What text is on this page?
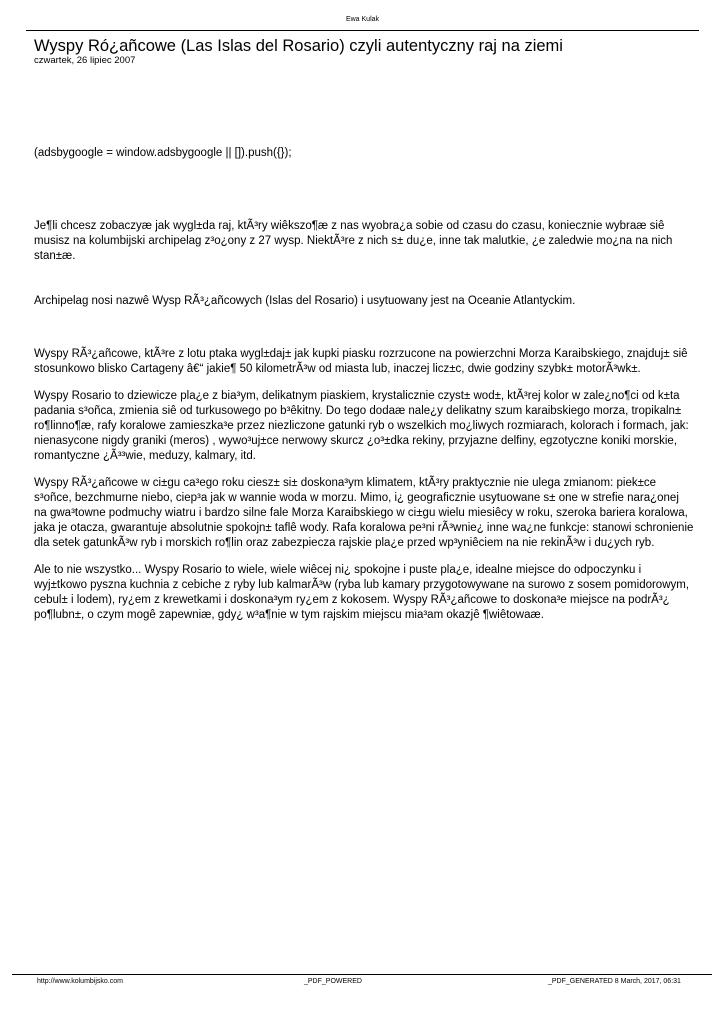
Ewa Kulak
Wyspy Ró¿añcowe (Las Islas del Rosario) czyli autentyczny raj na ziemi
czwartek, 26 lipiec 2007

(adsbygoogle = window.adsbygoogle || []).push({});

Je¶li chcesz zobaczyæ jak wygl±da raj, ktÃ³ry wiêkszo¶æ z nas wyobra¿a sobie od czasu do czasu, koniecznie wybraæ siê musisz na kolumbijski archipelag z³o¿ony z 27 wysp. NiektÃ³re z nich s± du¿e, inne tak malutkie, ¿e zaledwie mo¿na na nich stan±æ.

Archipelag nosi nazwê Wysp RÃ³¿añcowych (Islas del Rosario) i usytuowany jest na Oceanie Atlantyckim.

Wyspy RÃ³¿añcowe, ktÃ³re z lotu ptaka wygl±daj± jak kupki piasku rozrzucone na powierzchni Morza Karaibskiego, znajduj± siê stosunkowo blisko Cartageny â€“ jakie¶ 50 kilometrÃ³w od miasta lub, inaczej licz±c, dwie godziny szybk± motorÃ³wk±.

Wyspy Rosario to dziewicze pla¿e z bia³ym, delikatnym piaskiem, krystalicznie czyst± wod±, ktÃ³rej kolor w zale¿no¶ci od k±ta padania s³oñca, zmienia siê od turkusowego po b³êkitny. Do tego dodaæ nale¿y delikatny szum karaibskiego morza, tropikaln± ro¶linno¶æ, rafy koralowe zamieszka³e przez niezliczone gatunki ryb o wszelkich mo¿liwych rozmiarach, kolorach i formach, jak: nienasycone nigdy graniki (meros) , wywo³uj±ce nerwowy skurcz ¿o³±dka rekiny, przyjazne delfiny, egzotyczne koniki morskie, romantyczne ¿Ã³³wie, meduzy, kalmary, itd.

Wyspy RÃ³¿añcowe w ci±gu ca³ego roku ciesz± si± doskona³ym klimatem, ktÃ³ry praktycznie nie ulega zmianom: piek±ce s³oñce, bezchmurne niebo, ciep³a jak w wannie woda w morzu. Mimo, i¿ geograficznie usytuowane s± one w strefie nara¿onej na gwa³towne podmuchy wiatru i bardzo silne fale Morza Karaibskiego w ci±gu wielu miesiêcy w roku, szeroka bariera koralowa, jaka je otacza, gwarantuje absolutnie spokojn± taflê wody. Rafa koralowa pe³ni rÃ³wnie¿ inne wa¿ne funkcje: stanowi schronienie dla setek gatunkÃ³w ryb i morskich ro¶lin oraz zabezpiecza rajskie pla¿e przed wp³yniêciem na nie rekinÃ³w i du¿ych ryb.

Ale to nie wszystko... Wyspy Rosario to wiele, wiele wiêcej ni¿ spokojne i puste pla¿e, idealne miejsce do odpoczynku i wyj±tkowo pyszna kuchnia z cebiche z ryby lub kalmarÃ³w (ryba lub kamary przygotowywane na surowo z sosem pomidorowym, cebul± i lodem), ry¿em z krewetkami i doskona³ym ry¿em z kokosem. Wyspy RÃ³¿añcowe to doskona³e miejsce na podrÃ³¿ po¶lubn±, o czym mogê zapewniæ, gdy¿ w³a¶nie w tym rajskim miejscu mia³am okazjê ¶wiêtowaæ.

http://www.kolumbijsko.com	_PDF_POWERED	_PDF_GENERATED 8 March, 2017, 06:31
